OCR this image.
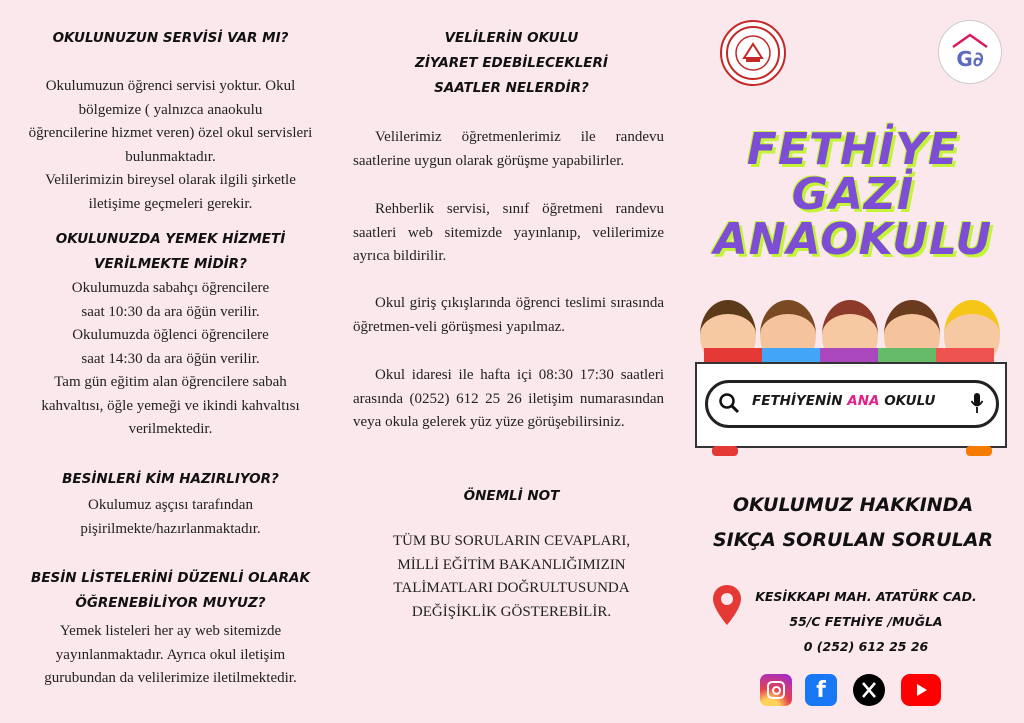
OKULUNUZUN SERVİSİ VAR MI?
Okulumuzun öğrenci servisi yoktur. Okul
bölgemize ( yalnızca anaokulu
öğrencilerine hizmet veren) özel okul servisleri
bulunmaktadır.
Velilerimizin bireysel olarak ilgili şirketle
iletişime geçmeleri gerekir.
OKULUNUZDA YEMEK HİZMETİ
VERİLMEKTE MİDİR?
Okulumuzda sabahçı öğrencilere
saat 10:30 da ara öğün verilir.
Okulumuzda öğlenci öğrencilere
saat 14:30 da ara öğün verilir.
Tam gün eğitim alan öğrencilere sabah
kahvaltısı, öğle yemeği ve ikindi kahvaltısı
verilmektedir.
BESİNLERİ KİM HAZIRLIYOR?
Okulumuz aşçısı tarafından
pişirilmekte/hazırlanmaktadır.
BESİN LİSTELERİNİ DÜZENLİ OLARAK
ÖĞRENEBİLİYOR MUYUZ?
Yemek listeleri her ay web sitemizde
yayınlanmaktadır. Ayrıca okul iletişim
gurubundan da velilerimize iletilmektedir.
VELİLERİN OKULU
ZİYARET EDEBİLECEKLERİ
SAATLER NELERDİR?
Velilerimiz öğretmenlerimiz ile randevu saatlerine uygun olarak görüşme yapabilirler.
Rehberlik servisi, sınıf öğretmeni randevu saatleri web sitemizde yayınlanıp, velilerimize ayrıca bildirilir.
Okul giriş çıkışlarında öğrenci teslimi sırasında öğretmen-veli görüşmesi yapılmaz.
Okul idaresi ile hafta içi 08:30 17:30 saatleri arasında (0252) 612 25 26 iletişim numarasından veya okula gelerek yüz yüze görüşebilirsiniz.
ÖNEMLİ NOT
TÜM BU SORULARIN CEVAPLARI,
MİLLİ EĞİTİM BAKANLIĞIMIZIN
TALİMATLARI DOĞRULTUSUNDA
DEĞİŞİKLİK GÖSTEREBİLİR.
G∂
FETHİYE
GAZİ
ANAOKULU
FETHİYENİN ANA OKULU
OKULUMUZ HAKKINDA
SIKÇA SORULAN SORULAR
KESİKKAPI MAH. ATATÜRK CAD.
55/C FETHİYE /MUĞLA
0 (252) 612 25 26
f
